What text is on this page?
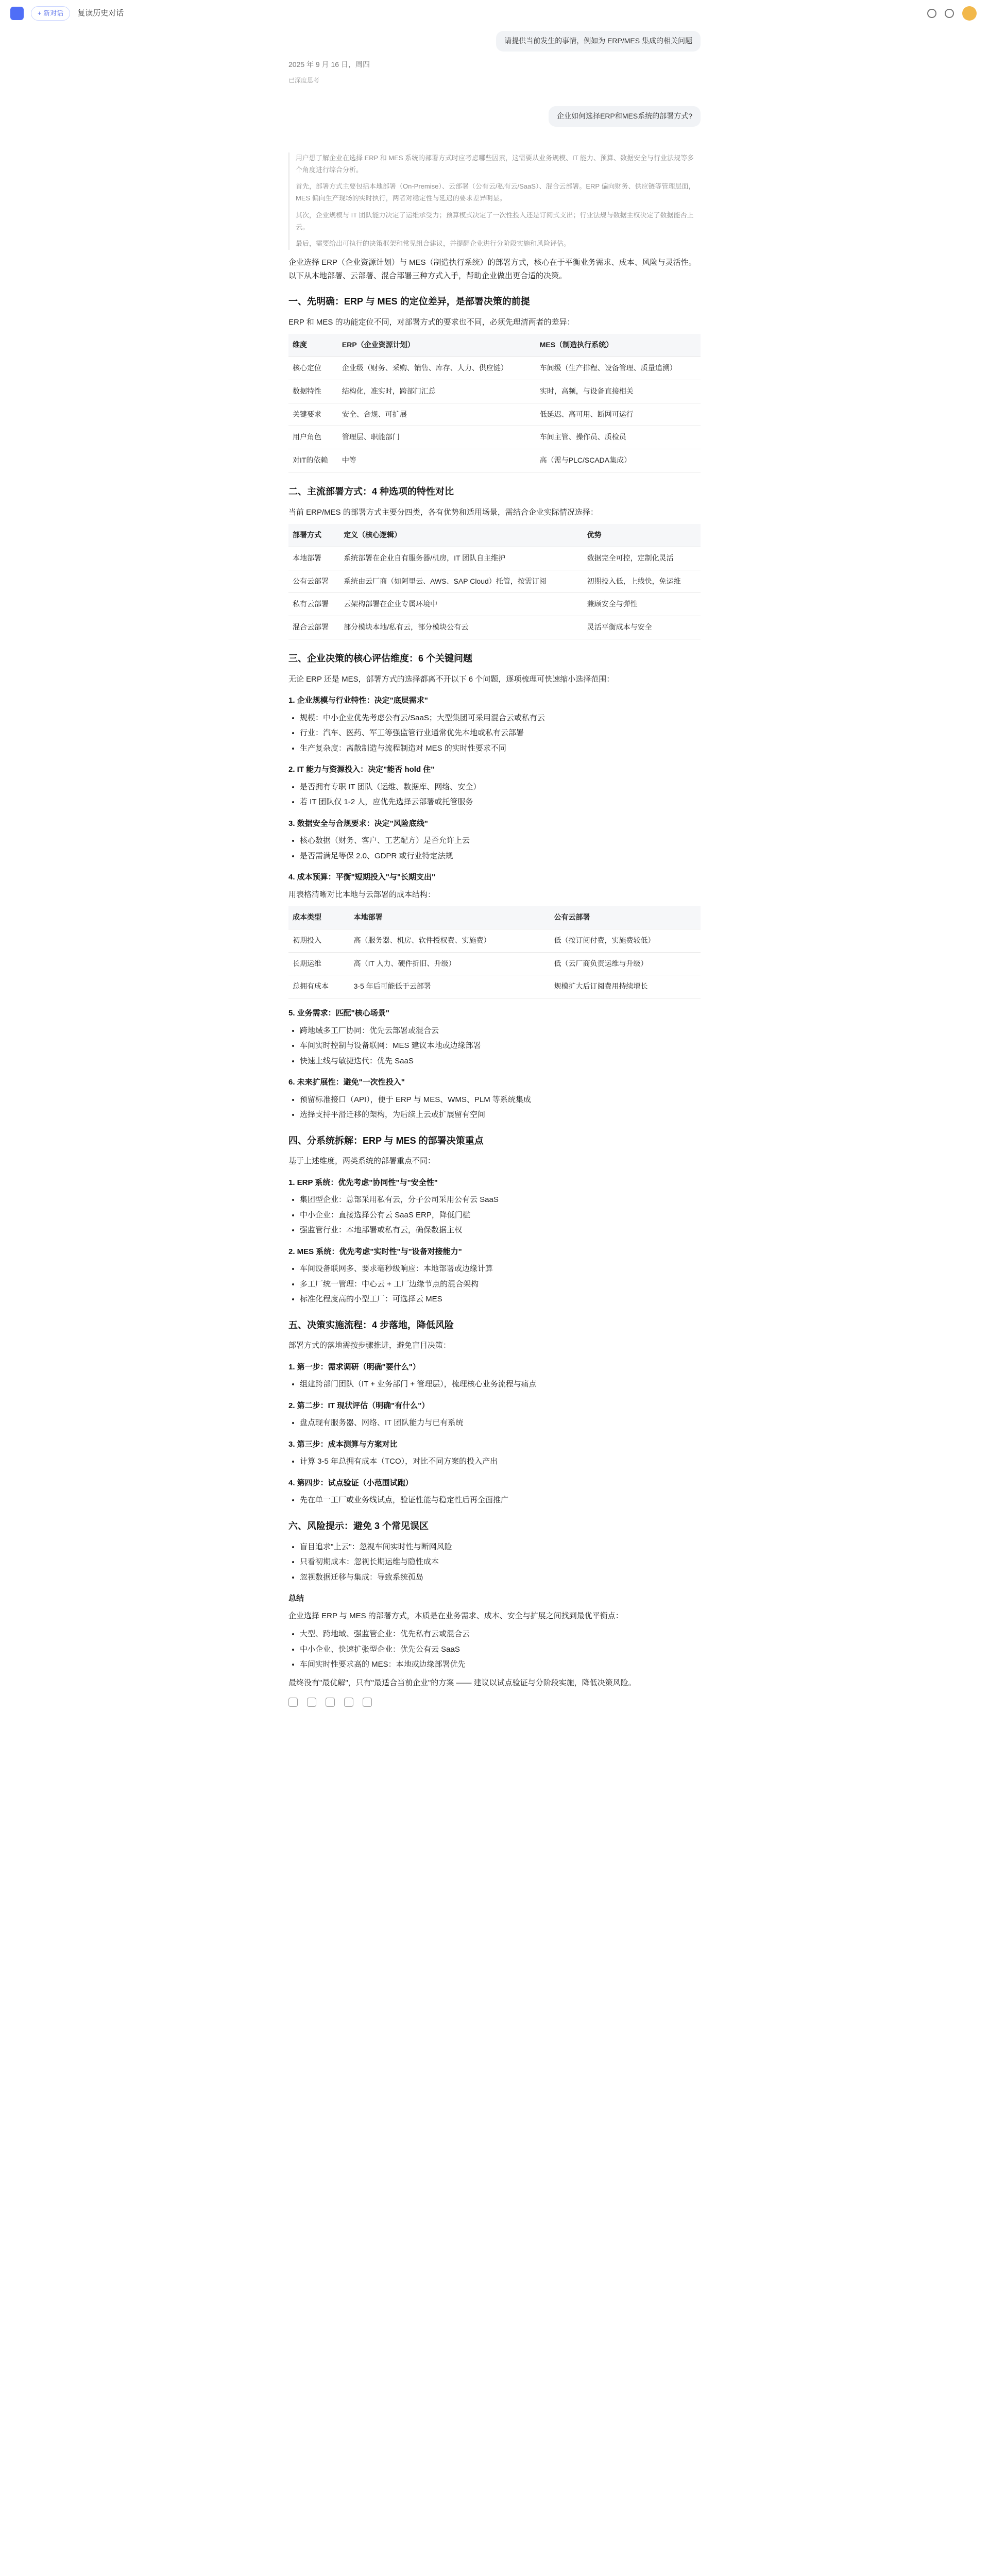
+ 新对话	复读历史对话
请提供当前发生的事情，例如为 ERP/MES 集成的相关问题
2025 年 9 月 16 日，周四
已深度思考
企业如何选择ERP和MES系统的部署方式?

用户想了解企业在选择 ERP 和 MES 系统的部署方式时应考虑哪些因素，这需要从业务规模、IT 能力、预算、数据安全与行业法规等多个角度进行综合分析。

首先，部署方式主要包括本地部署（On-Premise）、云部署（公有云/私有云/SaaS）、混合云部署。ERP 偏向财务、供应链等管理层面，MES 偏向生产现场的实时执行，两者对稳定性与延迟的要求差异明显。

其次，企业规模与 IT 团队能力决定了运维承受力；预算模式决定了一次性投入还是订阅式支出；行业法规与数据主权决定了数据能否上云。

最后，需要给出可执行的决策框架和常见组合建议，并提醒企业进行分阶段实施和风险评估。

企业选择 ERP（企业资源计划）与 MES（制造执行系统）的部署方式，核心在于平衡业务需求、成本、风险与灵活性。以下从本地部署、云部署、混合部署三种方式入手，帮助企业做出更合适的决策。

一、先明确：ERP 与 MES 的定位差异，是部署决策的前提

ERP 和 MES 的功能定位不同，对部署方式的要求也不同，必须先理清两者的差异：

维度	ERP（企业资源计划）	MES（制造执行系统）
核心定位	企业级（财务、采购、销售、库存、人力、供应链）	车间级（生产排程、设备管理、质量追溯）
数据特性	结构化，准实时，跨部门汇总	实时，高频，与设备直接相关
关键要求	安全、合规、可扩展	低延迟、高可用、断网可运行
用户角色	管理层、职能部门	车间主管、操作员、质检员
对IT的依赖	中等	高（需与PLC/SCADA集成）
二、主流部署方式：4 种选项的特性对比

当前 ERP/MES 的部署方式主要分四类，各有优势和适用场景，需结合企业实际情况选择：

部署方式	定义（核心逻辑）	优势
本地部署	系统部署在企业自有服务器/机房，IT 团队自主维护	数据完全可控，定制化灵活
公有云部署	系统由云厂商（如阿里云、AWS、SAP Cloud）托管，按需订阅	初期投入低，上线快，免运维
私有云部署	云架构部署在企业专属环境中	兼顾安全与弹性
混合云部署	部分模块本地/私有云，部分模块公有云	灵活平衡成本与安全
三、企业决策的核心评估维度：6 个关键问题

无论 ERP 还是 MES，部署方式的选择都离不开以下 6 个问题，逐项梳理可快速缩小选择范围：

1. 企业规模与行业特性：决定"底层需求"
• 规模：中小企业优先考虑公有云/SaaS；大型集团可采用混合云或私有云
• 行业：汽车、医药、军工等强监管行业通常优先本地或私有云部署
• 生产复杂度：离散制造与流程制造对 MES 的实时性要求不同
2. IT 能力与资源投入：决定"能否 hold 住"
• 是否拥有专职 IT 团队（运维、数据库、网络、安全）
• 若 IT 团队仅 1-2 人，应优先选择云部署或托管服务
3. 数据安全与合规要求：决定"风险底线"
• 核心数据（财务、客户、工艺配方）是否允许上云
• 是否需满足等保 2.0、GDPR 或行业特定法规
4. 成本预算：平衡"短期投入"与"长期支出"

用表格清晰对比本地与云部署的成本结构：

成本类型	本地部署	公有云部署
初期投入	高（服务器、机房、软件授权费、实施费）	低（按订阅付费，实施费较低）
长期运维	高（IT 人力、硬件折旧、升级）	低（云厂商负责运维与升级）
总拥有成本	3-5 年后可能低于云部署	规模扩大后订阅费用持续增长
5. 业务需求：匹配"核心场景"
• 跨地域多工厂协同：优先云部署或混合云
• 车间实时控制与设备联网：MES 建议本地或边缘部署
• 快速上线与敏捷迭代：优先 SaaS
6. 未来扩展性：避免"一次性投入"
• 预留标准接口（API），便于 ERP 与 MES、WMS、PLM 等系统集成
• 选择支持平滑迁移的架构，为后续上云或扩展留有空间
四、分系统拆解：ERP 与 MES 的部署决策重点

基于上述维度，两类系统的部署重点不同：

1. ERP 系统：优先考虑"协同性"与"安全性"
• 集团型企业：总部采用私有云，分子公司采用公有云 SaaS
• 中小企业：直接选择公有云 SaaS ERP，降低门槛
• 强监管行业：本地部署或私有云，确保数据主权
2. MES 系统：优先考虑"实时性"与"设备对接能力"
• 车间设备联网多、要求毫秒级响应：本地部署或边缘计算
• 多工厂统一管理：中心云 + 工厂边缘节点的混合架构
• 标准化程度高的小型工厂：可选择云 MES
五、决策实施流程：4 步落地，降低风险

部署方式的落地需按步骤推进，避免盲目决策：

1. 第一步：需求调研（明确"要什么"）
• 组建跨部门团队（IT + 业务部门 + 管理层），梳理核心业务流程与痛点
2. 第二步：IT 现状评估（明确"有什么"）
• 盘点现有服务器、网络、IT 团队能力与已有系统
3. 第三步：成本测算与方案对比
• 计算 3-5 年总拥有成本（TCO），对比不同方案的投入产出
4. 第四步：试点验证（小范围试跑）
• 先在单一工厂或业务线试点，验证性能与稳定性后再全面推广
六、风险提示：避免 3 个常见误区
• 盲目追求"上云"：忽视车间实时性与断网风险
• 只看初期成本：忽视长期运维与隐性成本
• 忽视数据迁移与集成：导致系统孤岛
总结

企业选择 ERP 与 MES 的部署方式，本质是在业务需求、成本、安全与扩展之间找到最优平衡点：

• 大型、跨地域、强监管企业：优先私有云或混合云
• 中小企业、快速扩张型企业：优先公有云 SaaS
• 车间实时性要求高的 MES：本地或边缘部署优先

最终没有"最优解"，只有"最适合当前企业"的方案 —— 建议以试点验证与分阶段实施，降低决策风险。
